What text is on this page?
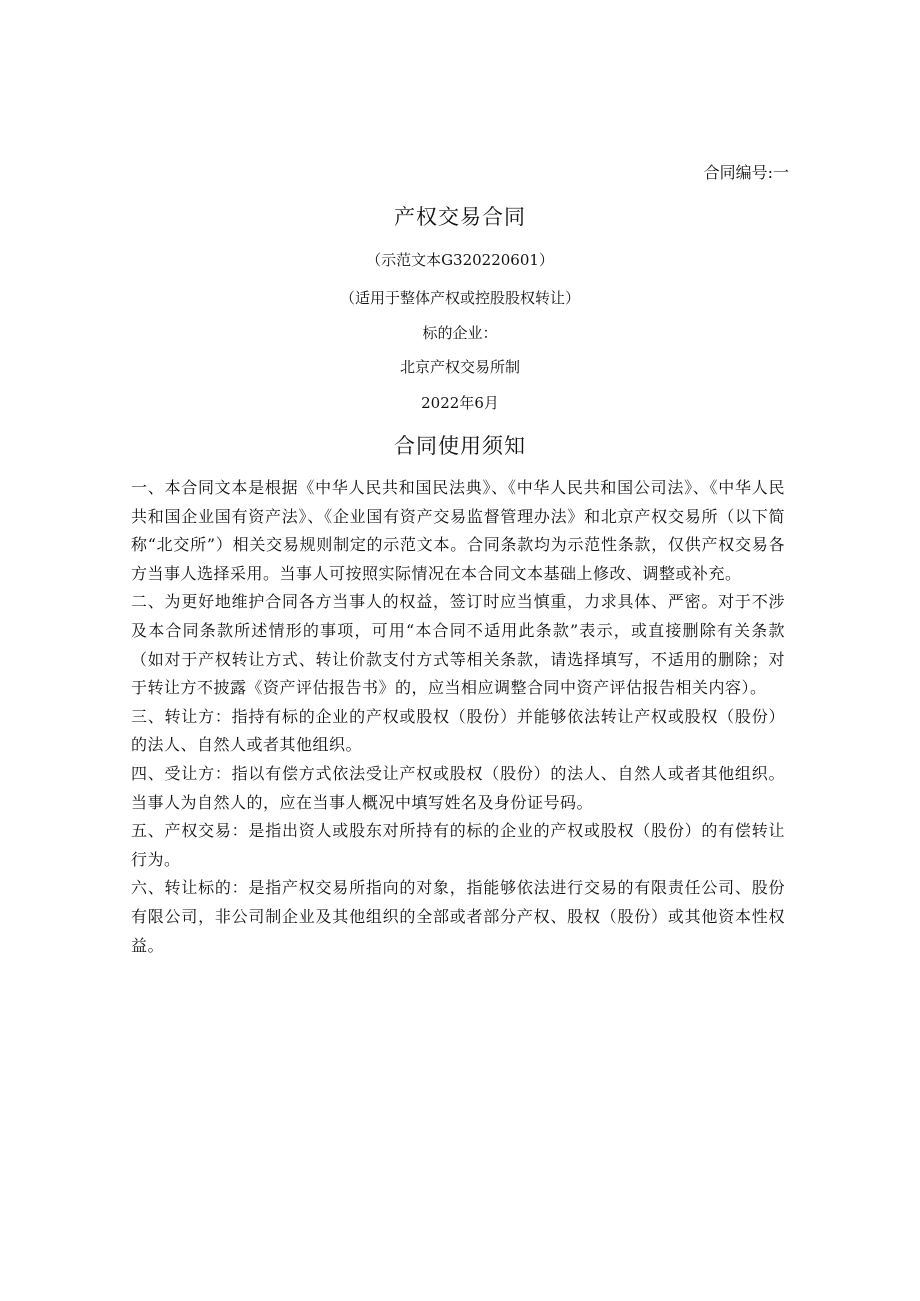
合同编号:一
产权交易合同
（示范文本G320220601）
（适用于整体产权或控股股权转让）
标的企业：
北京产权交易所制
2022年6月
合同使用须知

一、本合同文本是根据《中华人民共和国民法典》、《中华人民共和国公司法》、《中华人民共和国企业国有资产法》、《企业国有资产交易监督管理办法》和北京产权交易所（以下简称“北交所”）相关交易规则制定的示范文本。合同条款均为示范性条款，仅供产权交易各方当事人选择采用。当事人可按照实际情况在本合同文本基础上修改、调整或补充。

二、为更好地维护合同各方当事人的权益，签订时应当慎重，力求具体、严密。对于不涉及本合同条款所述情形的事项，可用“本合同不适用此条款”表示，或直接删除有关条款（如对于产权转让方式、转让价款支付方式等相关条款，请选择填写，不适用的删除；对于转让方不披露《资产评估报告书》的，应当相应调整合同中资产评估报告相关内容）。

三、转让方：指持有标的企业的产权或股权（股份）并能够依法转让产权或股权（股份）的法人、自然人或者其他组织。

四、受让方：指以有偿方式依法受让产权或股权（股份）的法人、自然人或者其他组织。当事人为自然人的，应在当事人概况中填写姓名及身份证号码。

五、产权交易：是指出资人或股东对所持有的标的企业的产权或股权（股份）的有偿转让行为。

六、转让标的：是指产权交易所指向的对象，指能够依法进行交易的有限责任公司、股份有限公司，非公司制企业及其他组织的全部或者部分产权、股权（股份）或其他资本性权益。
